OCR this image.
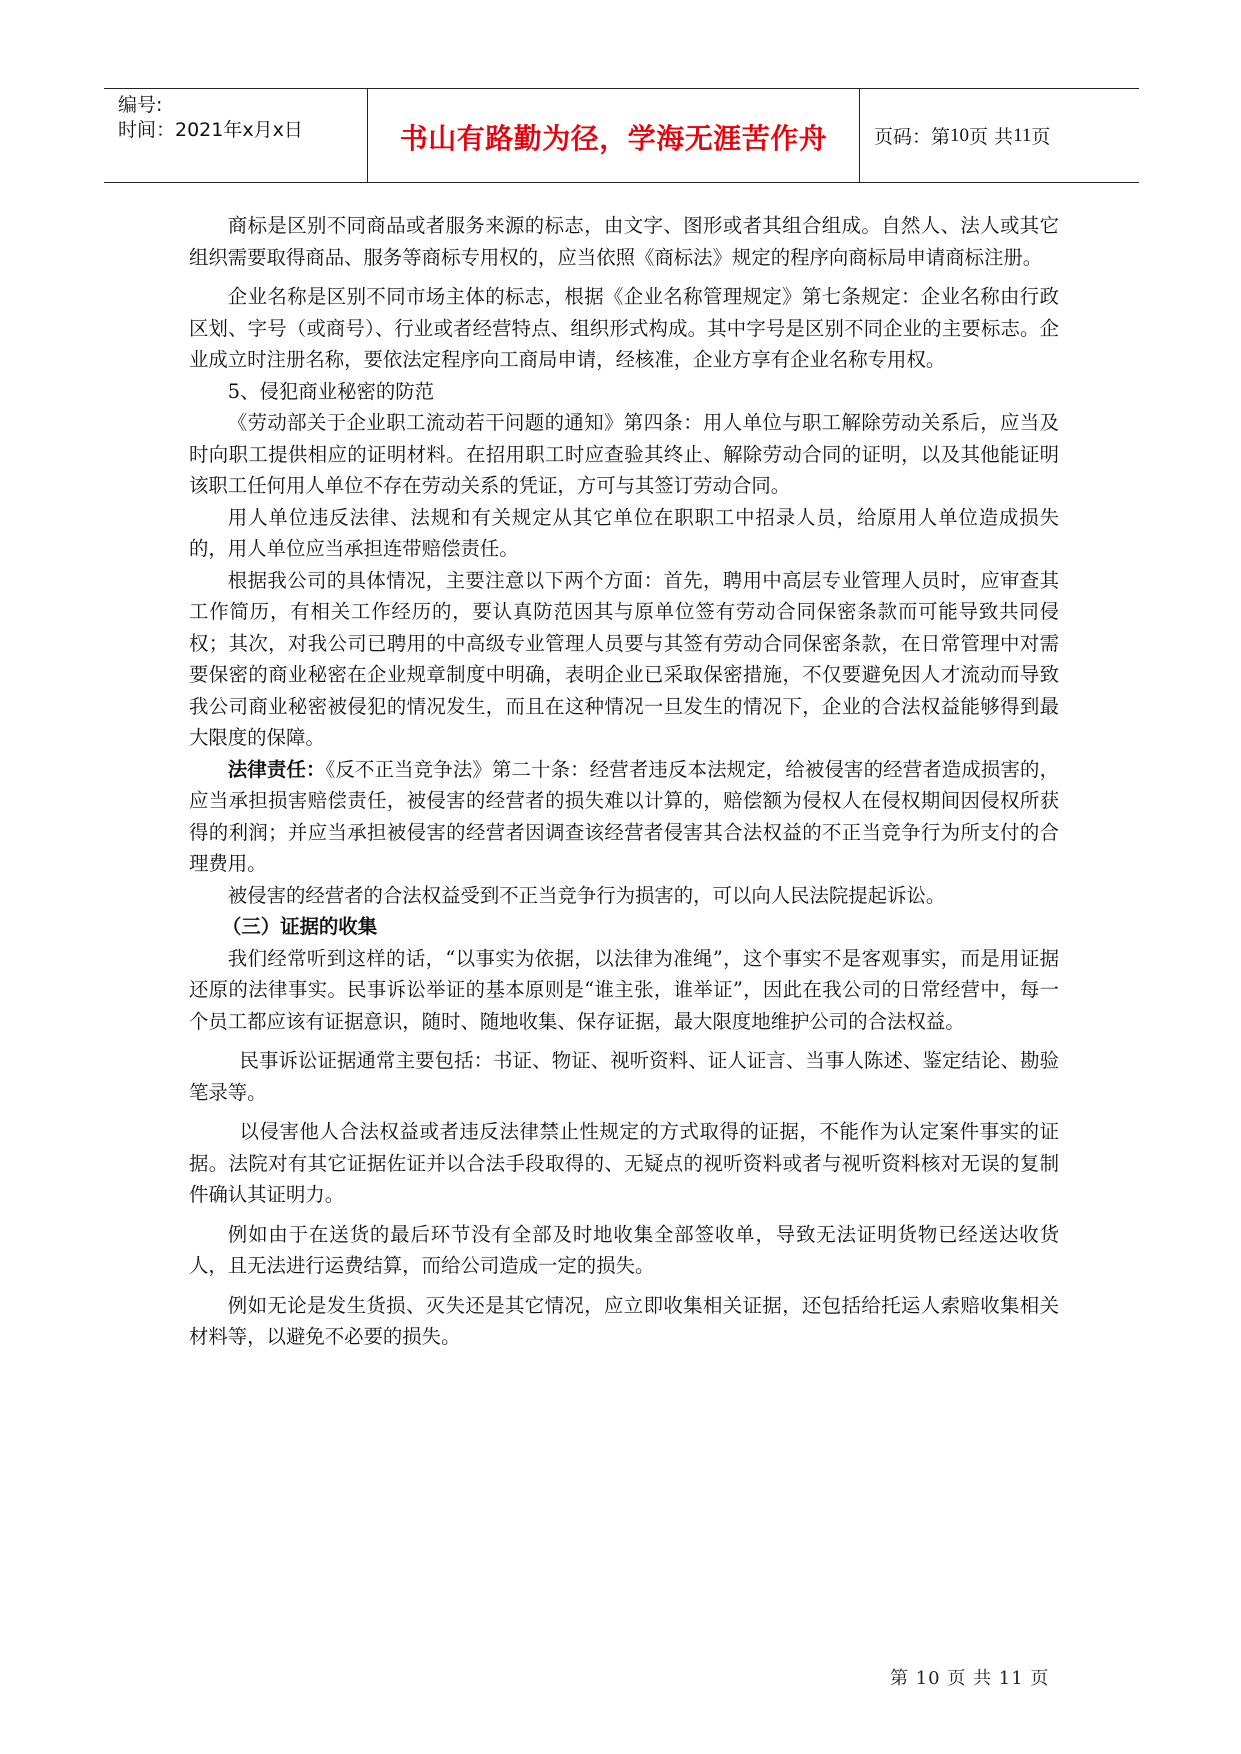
编号:
时间：2021年x月x日	书山有路勤为径，学海无涯苦作舟 页码：第 10 页 共 11 页

商标是区别不同商品或者服务来源的标志，由文字、图形或者其组合组成。自然人、法人或其它组织需要取得商品、服务等商标专用权的，应当依照《商标法》规定的程序向商标局申请商标注册。

企业名称是区别不同市场主体的标志，根据《企业名称管理规定》第七条规定：企业名称由行政区划、字号（或商号）、行业或者经营特点、组织形式构成。其中字号是区别不同企业的主要标志。企业成立时注册名称，要依法定程序向工商局申请，经核准，企业方享有企业名称专用权。

5、侵犯商业秘密的防范

《劳动部关于企业职工流动若干问题的通知》第四条：用人单位与职工解除劳动关系后，应当及时向职工提供相应的证明材料。在招用职工时应查验其终止、解除劳动合同的证明，以及其他能证明该职工任何用人单位不存在劳动关系的凭证，方可与其签订劳动合同。

用人单位违反法律、法规和有关规定从其它单位在职职工中招录人员，给原用人单位造成损失的，用人单位应当承担连带赔偿责任。

根据我公司的具体情况，主要注意以下两个方面：首先，聘用中高层专业管理人员时，应审查其工作简历，有相关工作经历的，要认真防范因其与原单位签有劳动合同保密条款而可能导致共同侵权；其次，对我公司已聘用的中高级专业管理人员要与其签有劳动合同保密条款，在日常管理中对需要保密的商业秘密在企业规章制度中明确，表明企业已采取保密措施，不仅要避免因人才流动而导致我公司商业秘密被侵犯的情况发生，而且在这种情况一旦发生的情况下，企业的合法权益能够得到最大限度的保障。

法律责任：《反不正当竞争法》第二十条：经营者违反本法规定，给被侵害的经营者造成损害的，应当承担损害赔偿责任，被侵害的经营者的损失难以计算的，赔偿额为侵权人在侵权期间因侵权所获得的利润；并应当承担被侵害的经营者因调查该经营者侵害其合法权益的不正当竞争行为所支付的合理费用。

被侵害的经营者的合法权益受到不正当竞争行为损害的，可以向人民法院提起诉讼。

（三）证据的收集

我们经常听到这样的话，“以事实为依据，以法律为准绳”，这个事实不是客观事实，而是用证据还原的法律事实。民事诉讼举证的基本原则是“谁主张，谁举证”，因此在我公司的日常经营中，每一个员工都应该有证据意识，随时、随地收集、保存证据，最大限度地维护公司的合法权益。

民事诉讼证据通常主要包括：书证、物证、视听资料、证人证言、当事人陈述、鉴定结论、勘验笔录等。

以侵害他人合法权益或者违反法律禁止性规定的方式取得的证据，不能作为认定案件事实的证据。法院对有其它证据佐证并以合法手段取得的、无疑点的视听资料或者与视听资料核对无误的复制件确认其证明力。

例如由于在送货的最后环节没有全部及时地收集全部签收单，导致无法证明货物已经送达收货人，且无法进行运费结算，而给公司造成一定的损失。

例如无论是发生货损、灭失还是其它情况，应立即收集相关证据，还包括给托运人索赔收集相关材料等，以避免不必要的损失。

第 10 页 共 11 页
